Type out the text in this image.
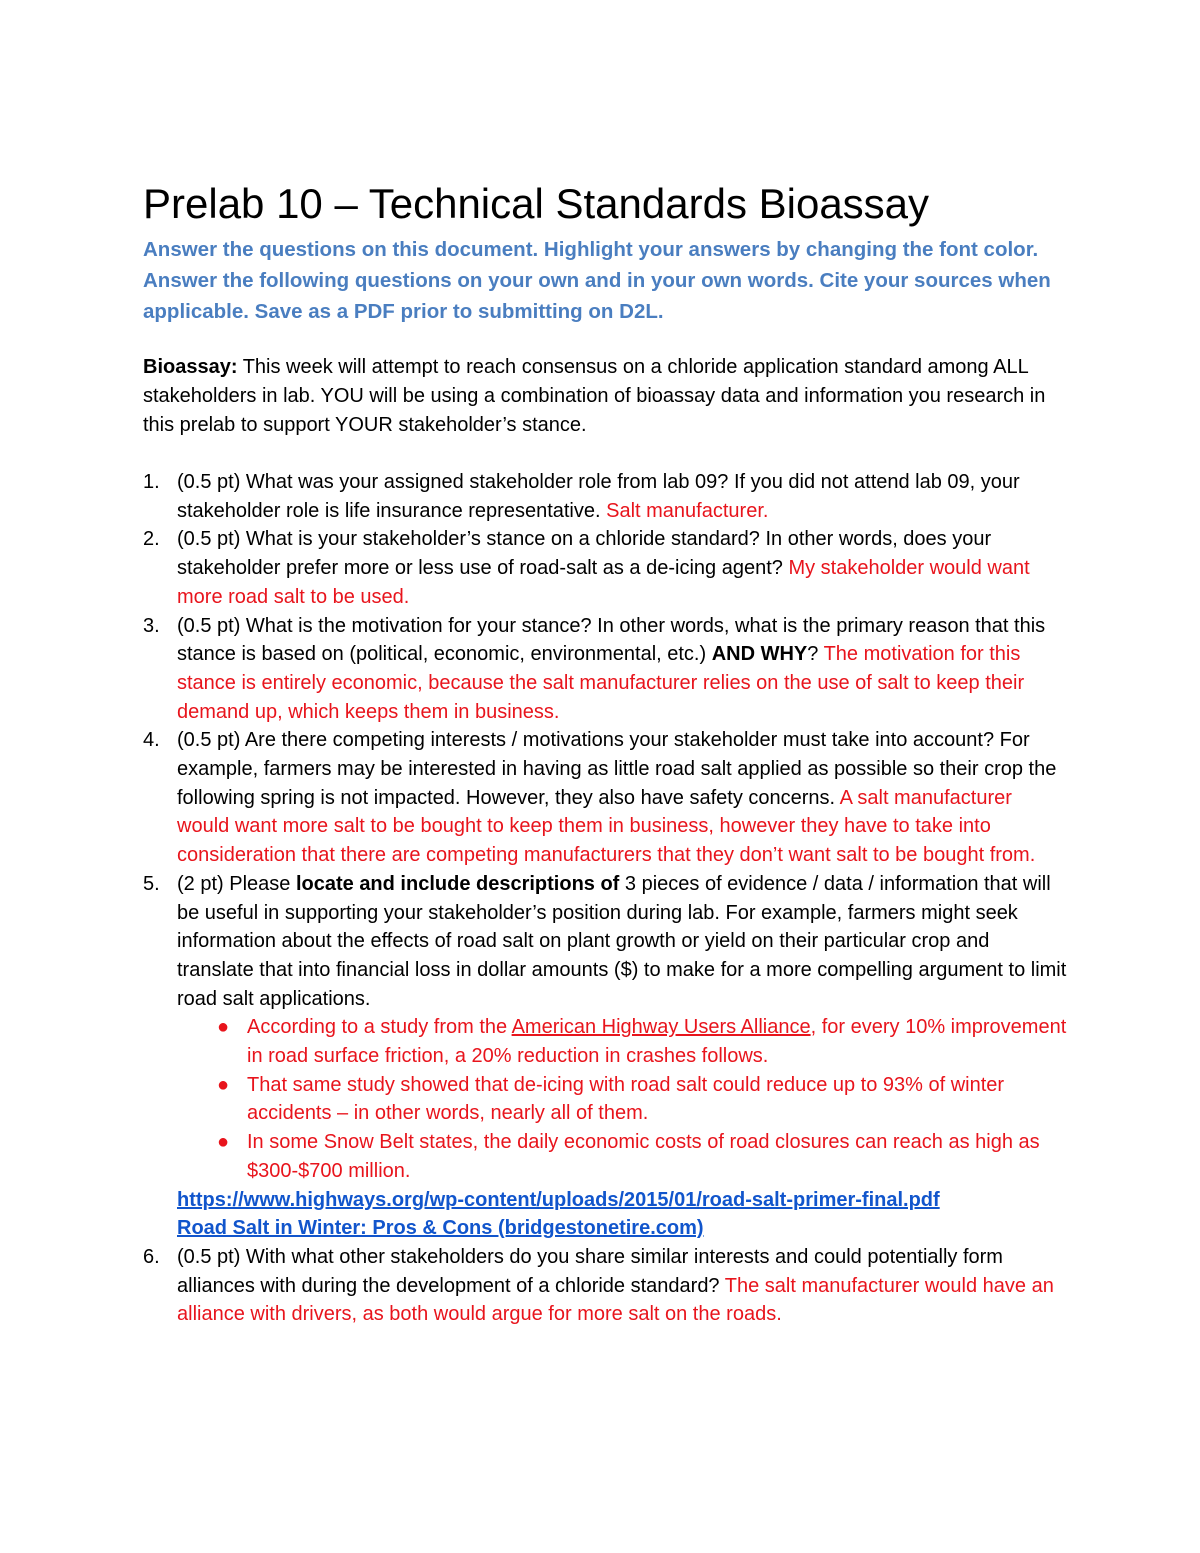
Prelab 10 – Technical Standards Bioassay
Answer the questions on this document. Highlight your answers by changing the font color. Answer the following questions on your own and in your own words. Cite your sources when applicable. Save as a PDF prior to submitting on D2L.
Bioassay: This week will attempt to reach consensus on a chloride application standard among ALL stakeholders in lab. YOU will be using a combination of bioassay data and information you research in this prelab to support YOUR stakeholder’s stance.
1. (0.5 pt) What was your assigned stakeholder role from lab 09? If you did not attend lab 09, your stakeholder role is life insurance representative. Salt manufacturer.
2. (0.5 pt) What is your stakeholder’s stance on a chloride standard? In other words, does your stakeholder prefer more or less use of road-salt as a de-icing agent? My stakeholder would want more road salt to be used.
3. (0.5 pt) What is the motivation for your stance? In other words, what is the primary reason that this stance is based on (political, economic, environmental, etc.) AND WHY? The motivation for this stance is entirely economic, because the salt manufacturer relies on the use of salt to keep their demand up, which keeps them in business.
4. (0.5 pt) Are there competing interests / motivations your stakeholder must take into account? For example, farmers may be interested in having as little road salt applied as possible so their crop the following spring is not impacted. However, they also have safety concerns. A salt manufacturer would want more salt to be bought to keep them in business, however they have to take into consideration that there are competing manufacturers that they don’t want salt to be bought from.
5. (2 pt) Please locate and include descriptions of 3 pieces of evidence / data / information that will be useful in supporting your stakeholder’s position during lab. For example, farmers might seek information about the effects of road salt on plant growth or yield on their particular crop and translate that into financial loss in dollar amounts ($) to make for a more compelling argument to limit road salt applications.
● According to a study from the American Highway Users Alliance, for every 10% improvement in road surface friction, a 20% reduction in crashes follows.
● That same study showed that de-icing with road salt could reduce up to 93% of winter accidents – in other words, nearly all of them.
● In some Snow Belt states, the daily economic costs of road closures can reach as high as $300-$700 million.
https://www.highways.org/wp-content/uploads/2015/01/road-salt-primer-final.pdf
Road Salt in Winter: Pros & Cons (bridgestonetire.com)
6. (0.5 pt) With what other stakeholders do you share similar interests and could potentially form alliances with during the development of a chloride standard? The salt manufacturer would have an alliance with drivers, as both would argue for more salt on the roads.
